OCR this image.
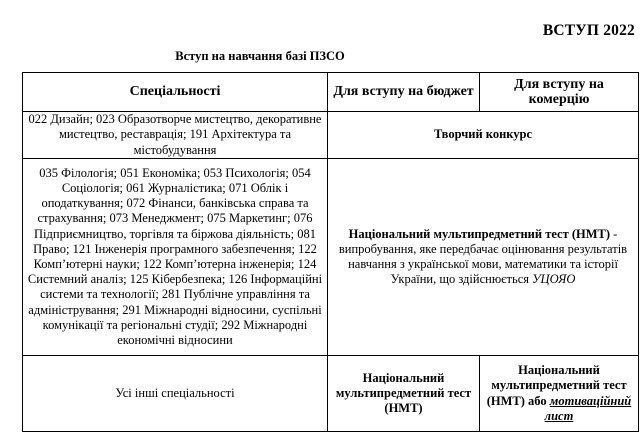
ВСТУП 2022
Вступ на навчання базі ПЗСО
Спеціальності	Для вступу на бюджет	Для вступу на комерцію
022 Дизайн; 023 Образотворче мистецтво, декоративне мистецтво, реставрація; 191 Архітектура та містобудування	Творчий конкурс	
035 Філологія; 051 Економіка; 053 Психологія; 054 Соціологія; 061 Журналістика; 071 Облік і оподаткування; 072 Фінанси, банківська справа та страхування; 073 Менеджмент; 075 Маркетинг; 076 Підприємництво, торгівля та біржова діяльність; 081 Право; 121 Інженерія програмного забезпечення; 122 Комп’ютерні науки; 122 Комп’ютерна інженерія; 124 Системний аналіз; 125 Кібербезпека; 126 Інформаційні системи та технології; 281 Публічне управління та адміністрування; 291 Міжнародні відносини, суспільні комунікації та регіональні студії; 292 Міжнародні економічні відносини	Національний мультипредметний тест (НМТ) - випробування, яке передбачає оцінювання результатів навчання з української мови, математики та історії України, що здійснюється УЦОЯО	
Усі інші спеціальності	Національний мультипредметний тест (НМТ)	Національний мультипредметний тест (НМТ) або мотиваційний лист
